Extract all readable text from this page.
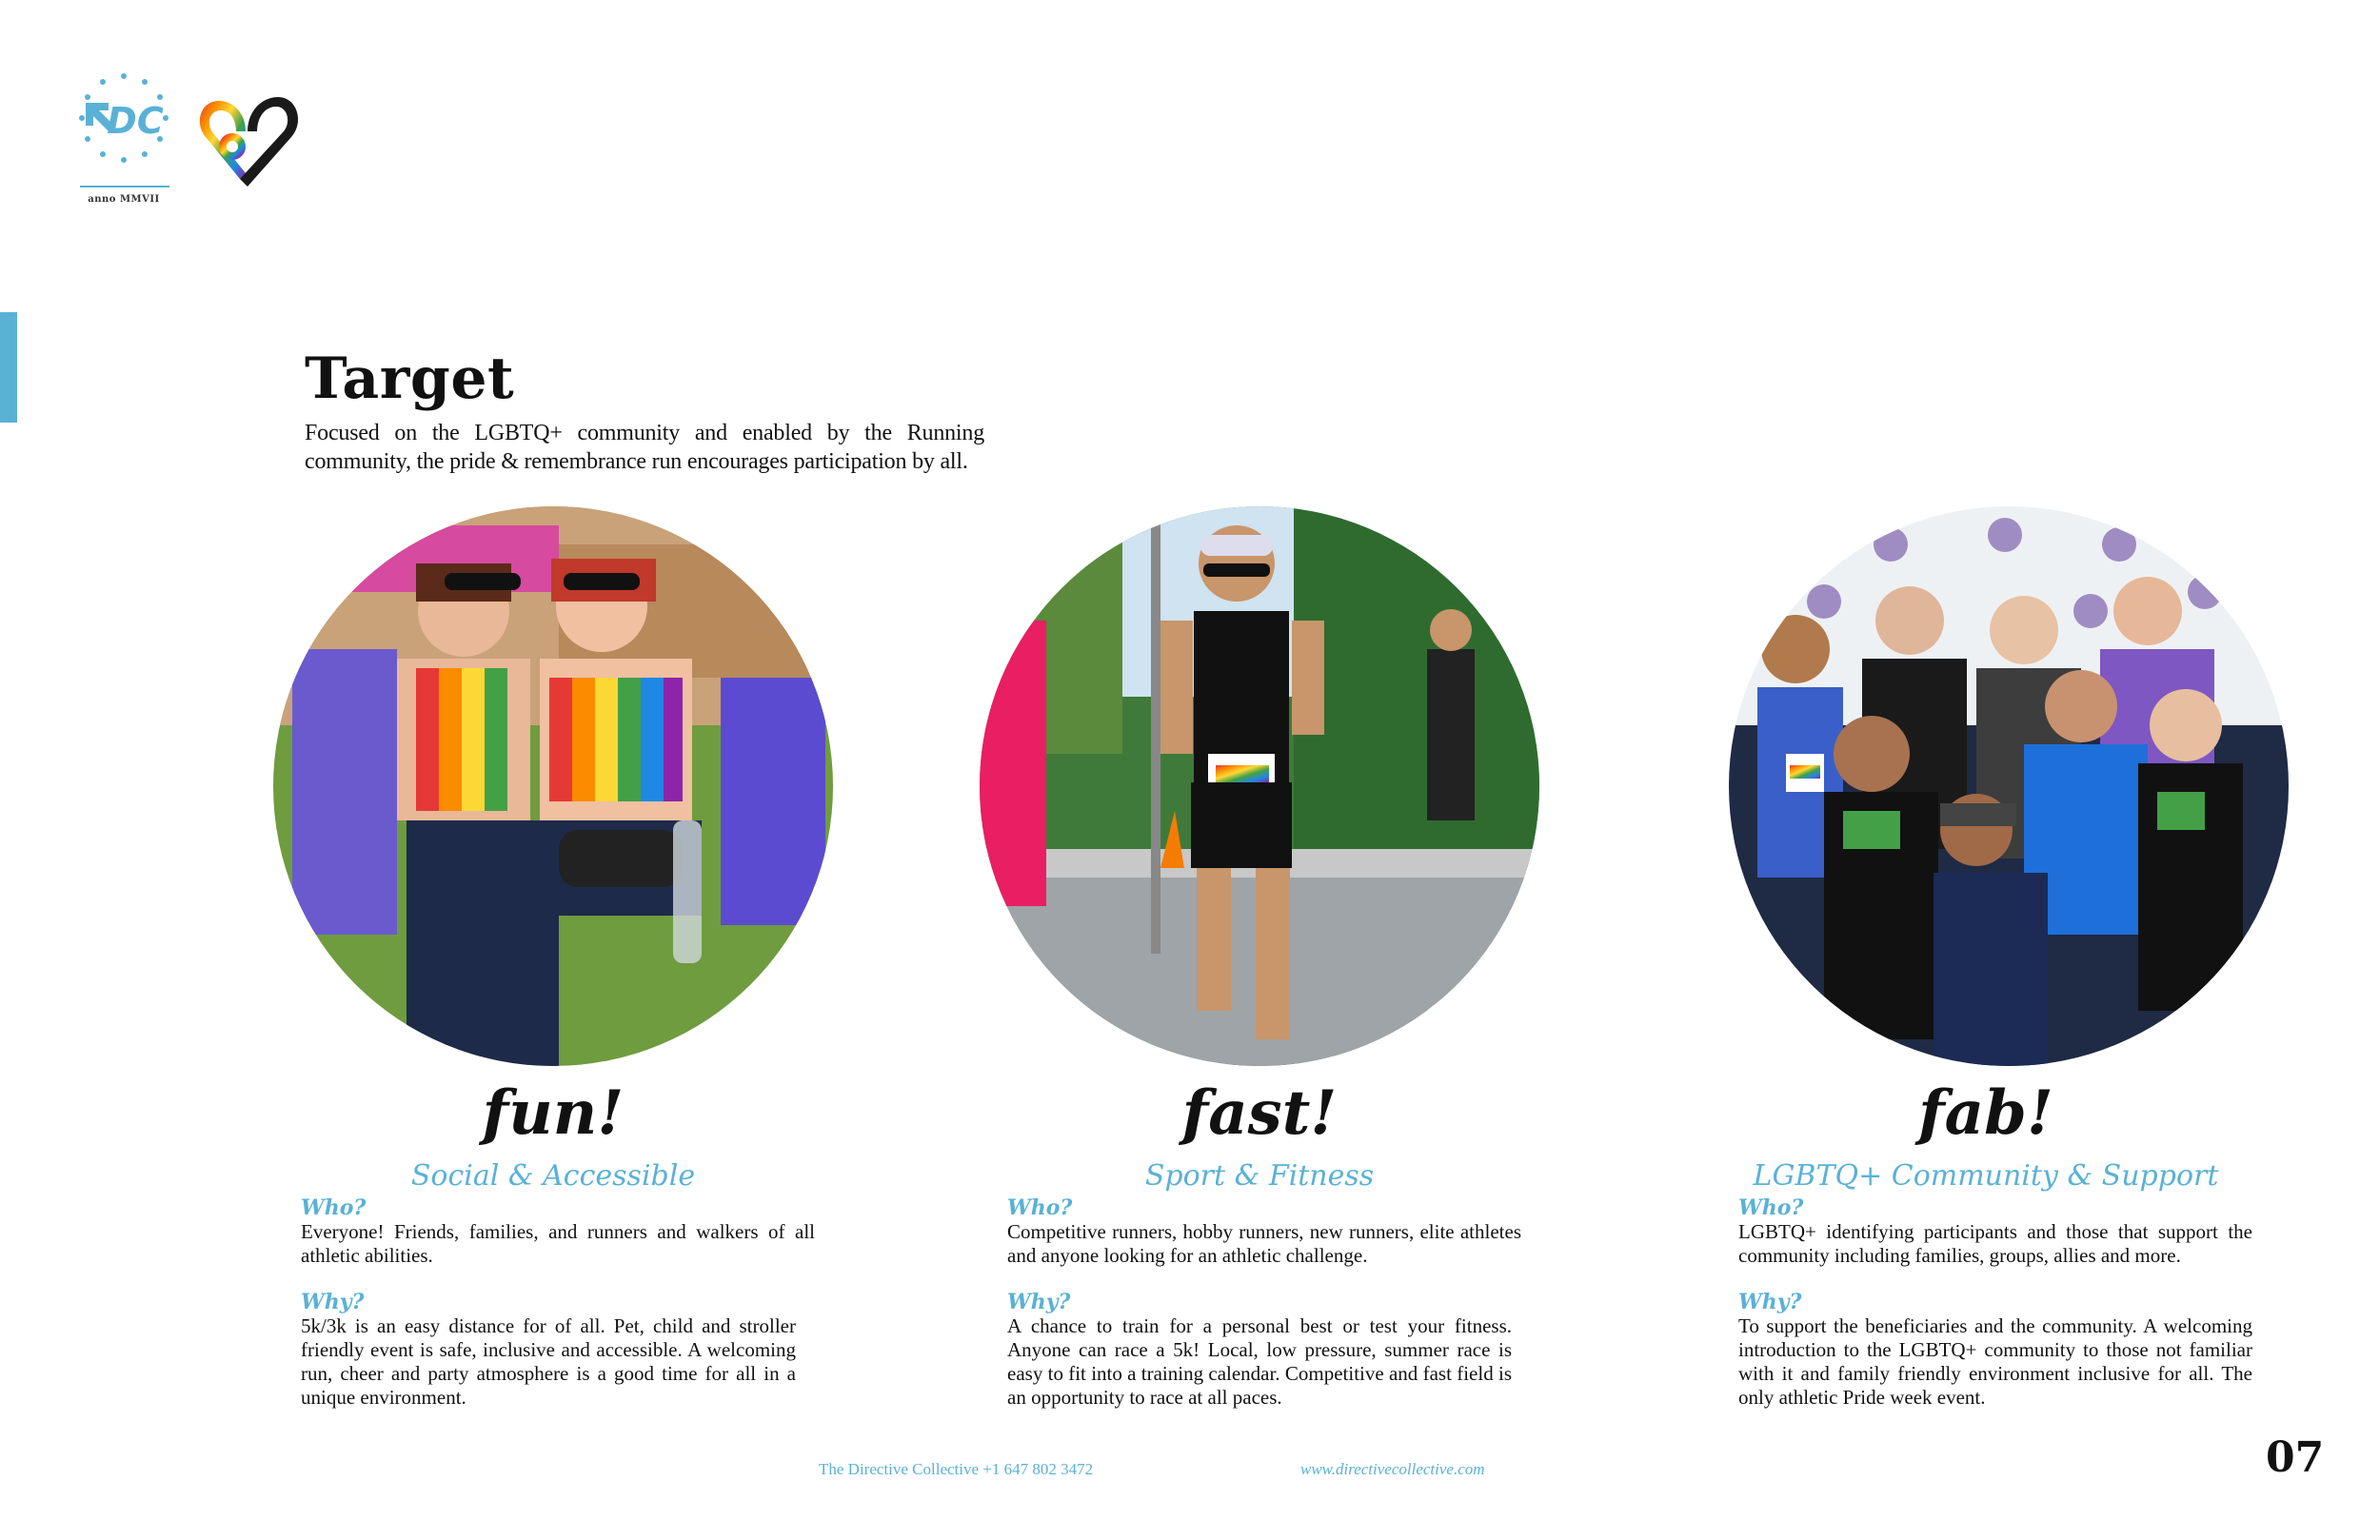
DC
anno MMVII
Target
Focused on the LGBTQ+ community and enabled by the Running community, the pride & remembrance run encourages participation by all.
fun!
Social & Accessible
Who?

Everyone! Friends, families, and runners and walkers of all athletic abilities.

Why?

5k/3k is an easy distance for of all. Pet, child and stroller friendly event is safe, inclusive and accessible. A welcoming run, cheer and party atmosphere is a good time for all in a unique environment.

fast!
Sport & Fitness
Who?

Competitive runners, hobby runners, new runners, elite athletes and anyone looking for an athletic challenge.

Why?

A chance to train for a personal best or test your fitness. Anyone can race a 5k! Local, low pressure, summer race is easy to fit into a training calendar. Competitive and fast field is an opportunity to race at all paces.

fab!
LGBTQ+ Community & Support
Who?

LGBTQ+ identifying participants and those that support the community including families, groups, allies and more.

Why?

To support the beneficiaries and the community. A welcoming introduction to the LGBTQ+ community to those not familiar with it and family friendly environment inclusive for all. The only athletic Pride week event.

The Directive Collective +1 647 802 3472	www.directivecollective.com	07
